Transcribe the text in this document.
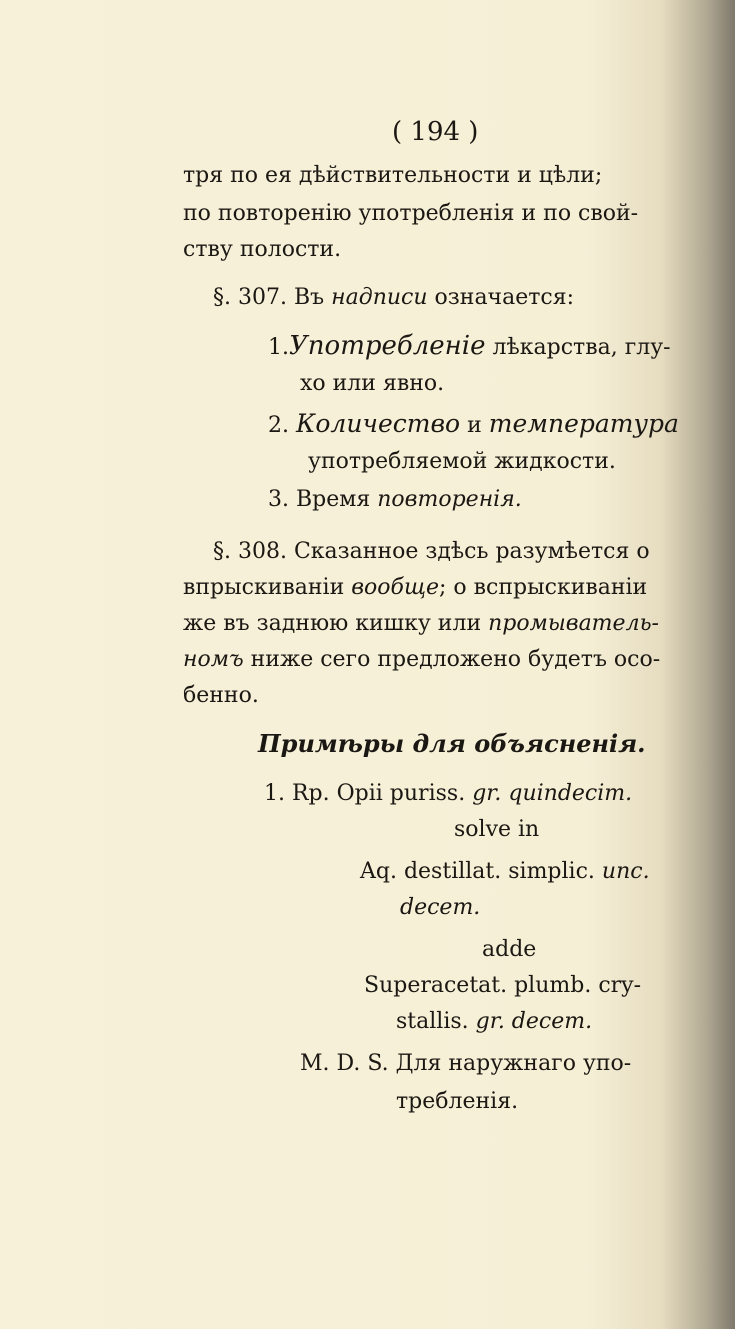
( 194 )
тря по ея дѣйствительности и цѣли;
по повторенію употребленія и по свой-
ству полости.
§. 307. Въ надписи означается:
1.Употребленіе лѣкарства, глу-
хо или явно.
2. Количество и температура
употребляемой жидкости.
3. Время повторенія.
§. 308. Сказанное здѣсь разумѣется о
впрыскиваніи вообще; о вспрыскиваніи
же въ заднюю кишку или промыватель-
номъ ниже сего предложено будетъ осо-
бенно.
Примѣры для объясненія.
1. Rp. Opii puriss. gr. quindecim.
solve in
Aq. destillat. simplic. unc.
decem.
adde
Superacetat. plumb. cry-
stallis. gr. decem.
M. D. S. Для наружнаго упо-
требленія.
